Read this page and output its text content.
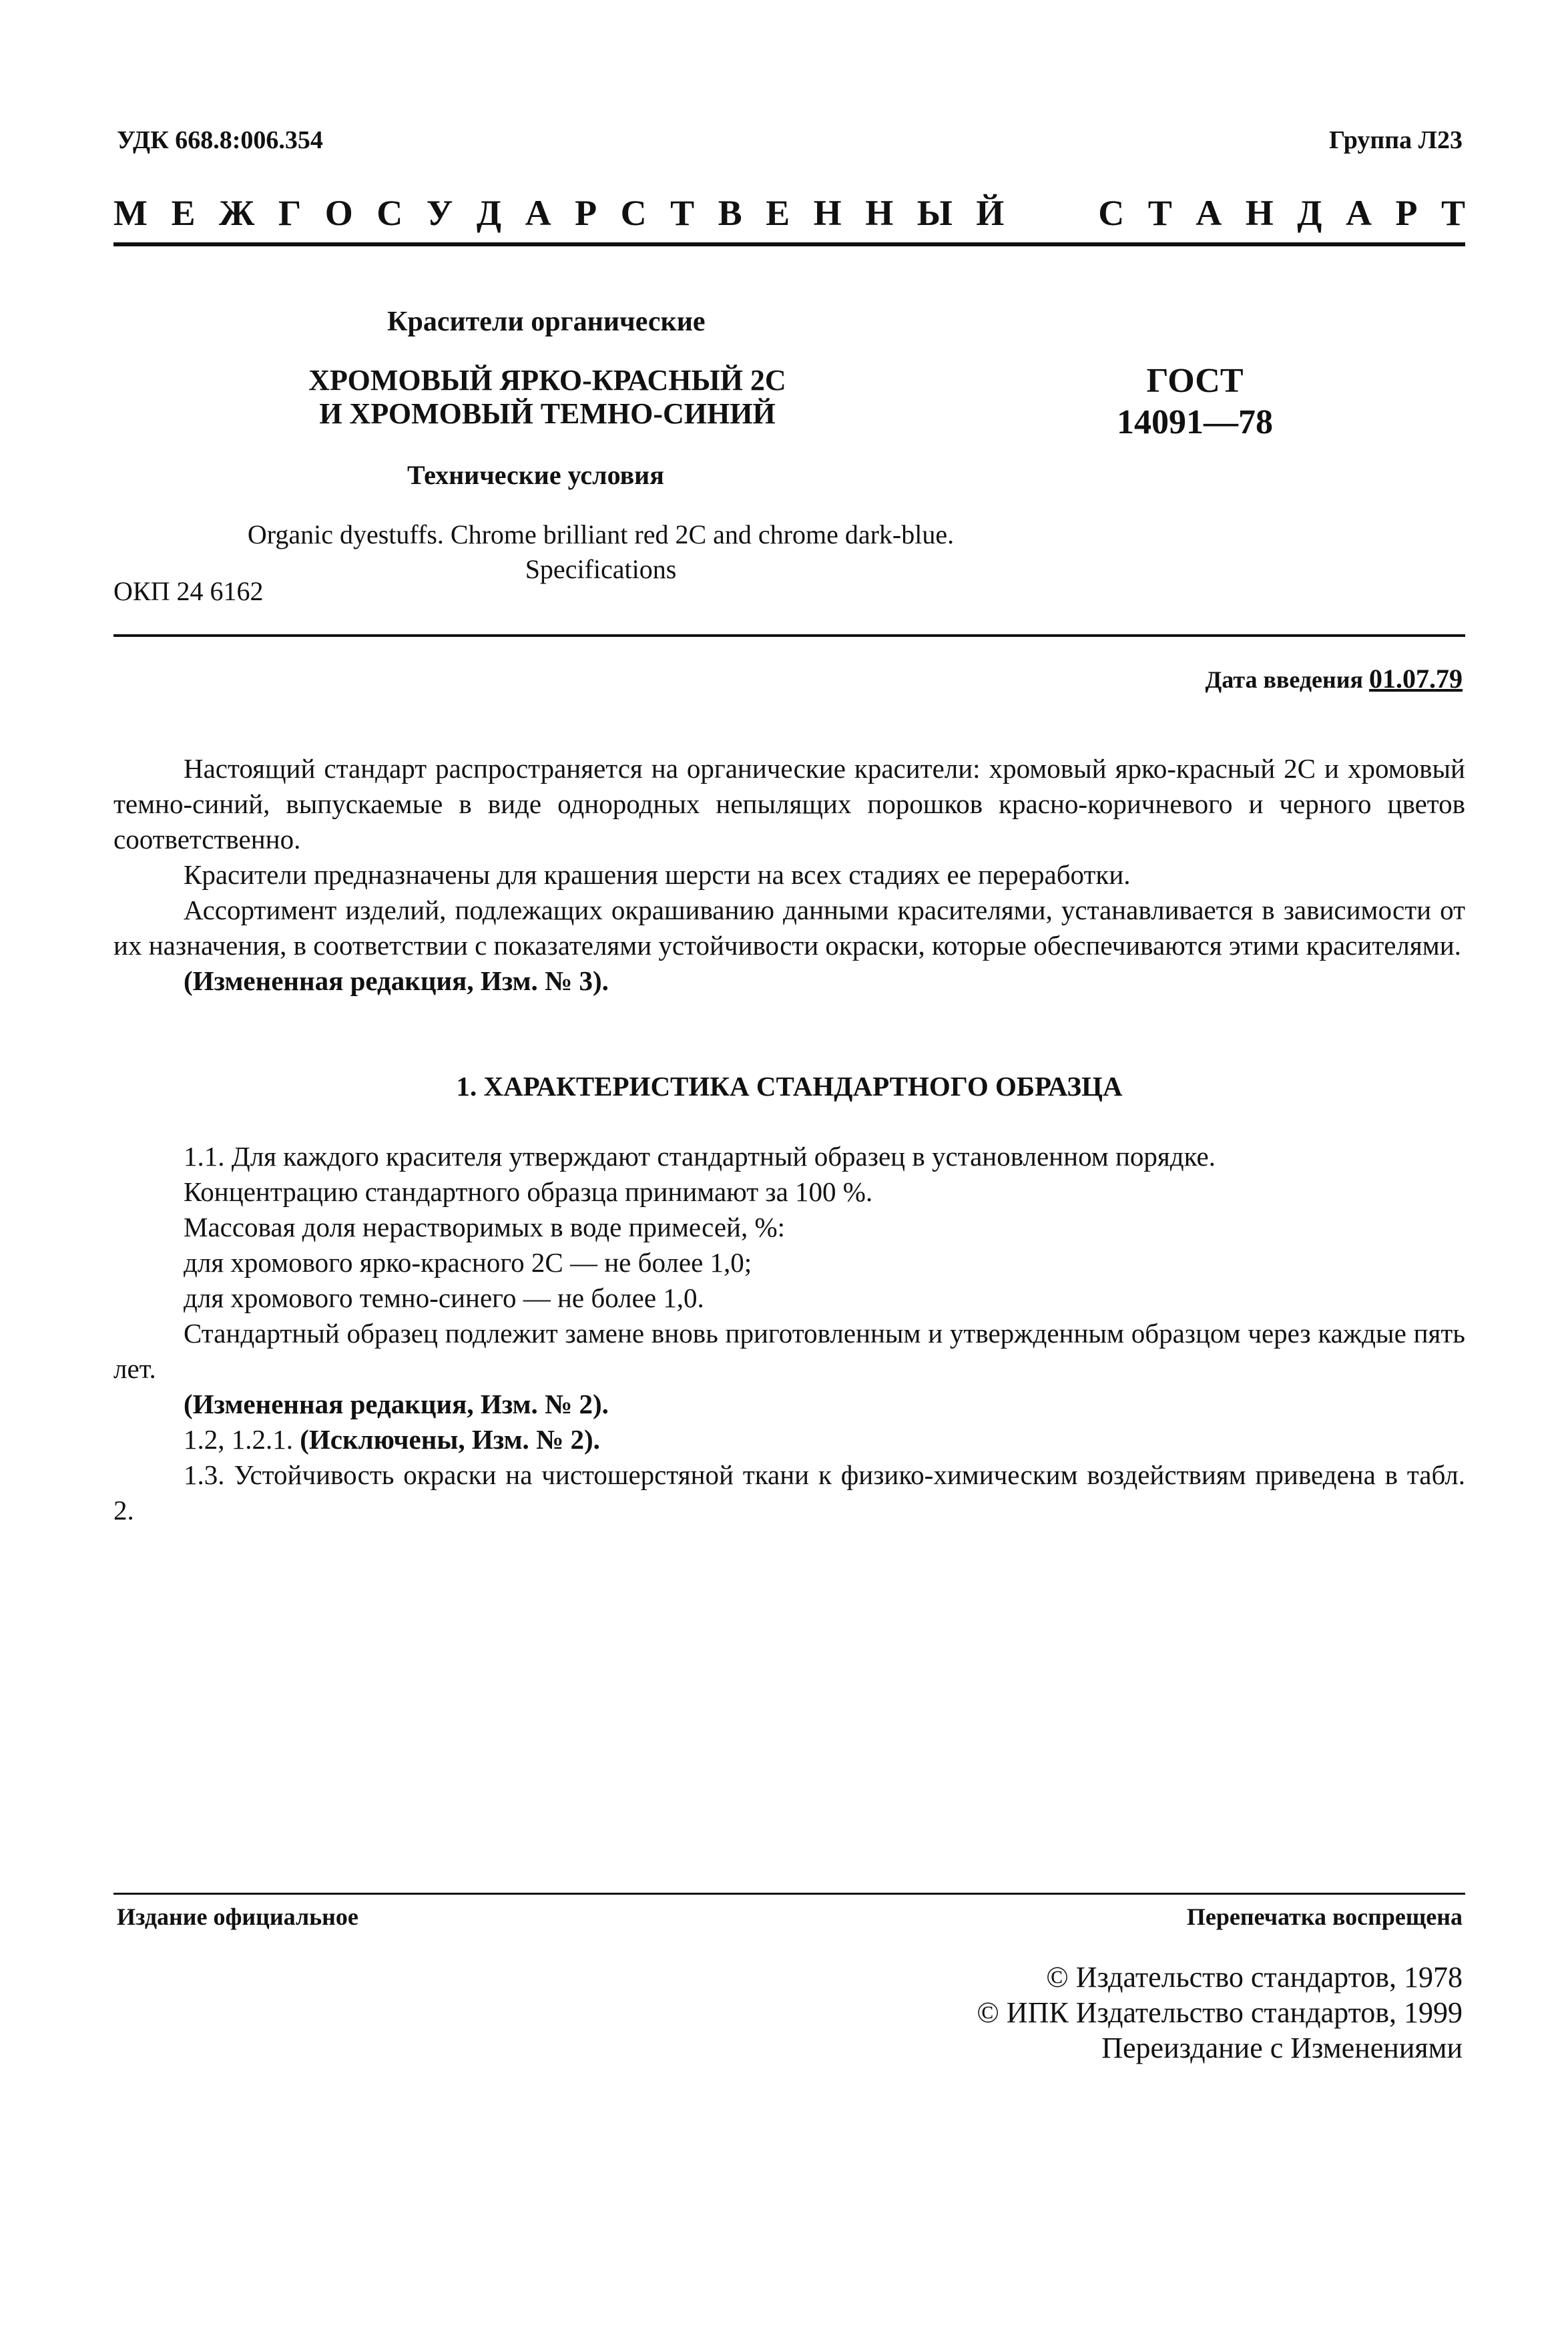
УДК 668.8:006.354	Группа Л23
М Е Ж Г О С У Д А Р С Т В Е Н Н Ы Й	С Т А Н Д А Р Т
Красители органические
ХРОМОВЫЙ ЯРКО-КРАСНЫЙ 2С
И ХРОМОВЫЙ ТЕМНО-СИНИЙ
ГОСТ
14091—78
Технические условия
Organic dyestuffs. Chrome brilliant red 2C and chrome dark-blue.
Specifications
ОКП 24 6162
Дата введения 01.07.79

Настоящий стандарт распространяется на органические красители: хромовый ярко-красный 2С и хромовый темно-синий, выпускаемые в виде однородных непылящих порошков красно-коричневого и черного цветов соответственно.

Красители предназначены для крашения шерсти на всех стадиях ее переработки.

Ассортимент изделий, подлежащих окрашиванию данными красителями, устанавливается в зависимости от их назначения, в соответствии с показателями устойчивости окраски, которые обеспечиваются этими красителями.

(Измененная редакция, Изм. № 3).

1. ХАРАКТЕРИСТИКА СТАНДАРТНОГО ОБРАЗЦА

1.1. Для каждого красителя утверждают стандартный образец в установленном порядке.

Концентрацию стандартного образца принимают за 100 %.

Массовая доля нерастворимых в воде примесей, %:

для хромового ярко-красного 2С — не более 1,0;

для хромового темно-синего — не более 1,0.

Стандартный образец подлежит замене вновь приготовленным и утвержденным образцом через каждые пять лет.

(Измененная редакция, Изм. № 2).

1.2, 1.2.1. (Исключены, Изм. № 2).

1.3. Устойчивость окраски на чистошерстяной ткани к физико-химическим воздействиям приведена в табл. 2.

Издание официальное	Перепечатка воспрещена
© Издательство стандартов, 1978
© ИПК Издательство стандартов, 1999
Переиздание с Изменениями
